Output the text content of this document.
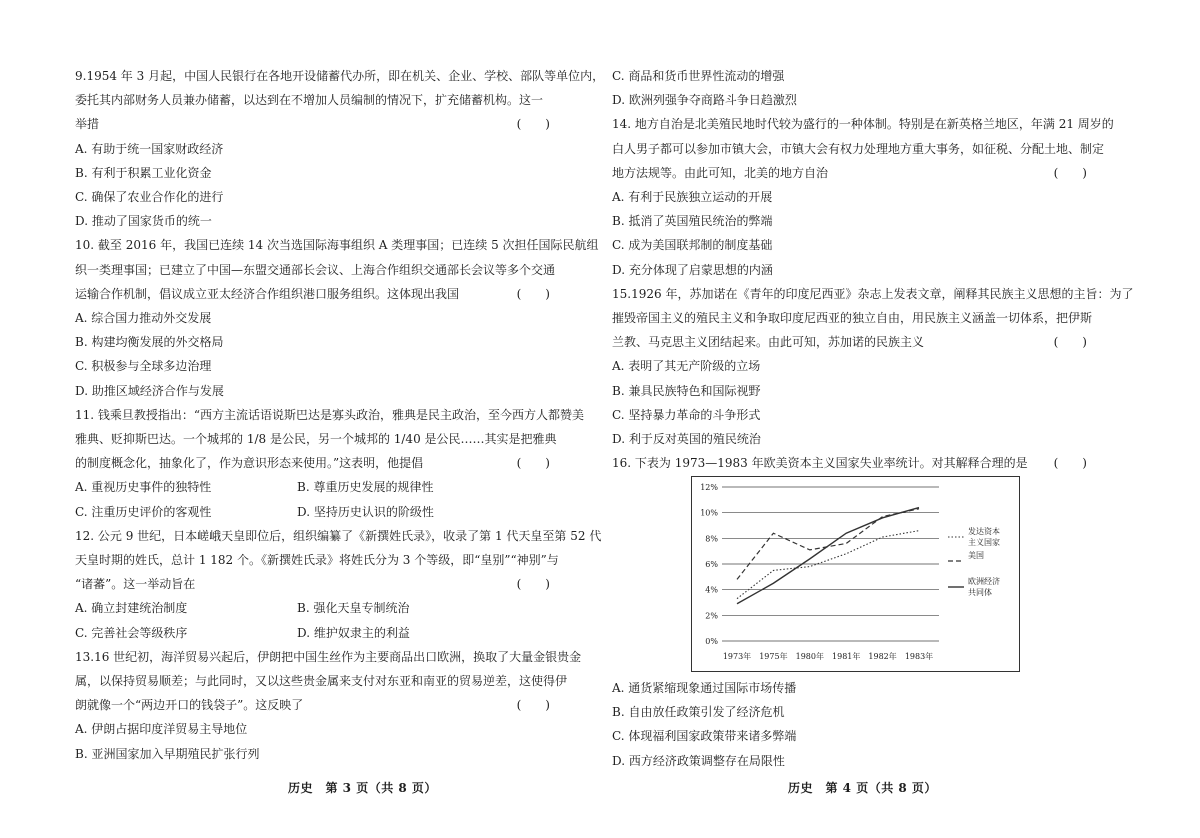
9.1954 年 3 月起，中国人民银行在各地开设储蓄代办所，即在机关、企业、学校、部队等单位内，
委托其内部财务人员兼办储蓄，以达到在不增加人员编制的情况下，扩充储蓄机构。这一
举措	(　　)
A. 有助于统一国家财政经济
B. 有利于积累工业化资金
C. 确保了农业合作化的进行
D. 推动了国家货币的统一
10. 截至 2016 年，我国已连续 14 次当选国际海事组织 A 类理事国；已连续 5 次担任国际民航组
织一类理事国；已建立了中国—东盟交通部长会议、上海合作组织交通部长会议等多个交通
运输合作机制，倡议成立亚太经济合作组织港口服务组织。这体现出我国	(　　)
A. 综合国力推动外交发展
B. 构建均衡发展的外交格局
C. 积极参与全球多边治理
D. 助推区域经济合作与发展
11. 钱乘旦教授指出：“西方主流话语说斯巴达是寡头政治，雅典是民主政治，至今西方人都赞美
雅典、贬抑斯巴达。一个城邦的 1/8 是公民，另一个城邦的 1/40 是公民……其实是把雅典
的制度概念化，抽象化了，作为意识形态来使用。”这表明，他提倡	(　　)
A. 重视历史事件的独特性	B. 尊重历史发展的规律性
C. 注重历史评价的客观性	D. 坚持历史认识的阶级性
12. 公元 9 世纪，日本嵯峨天皇即位后，组织编纂了《新撰姓氏录》，收录了第 1 代天皇至第 52 代
天皇时期的姓氏，总计 1 182 个。《新撰姓氏录》将姓氏分为 3 个等级，即“皇别”“神别”与
“诸蕃”。这一举动旨在	(　　)
A. 确立封建统治制度	B. 强化天皇专制统治
C. 完善社会等级秩序	D. 维护奴隶主的利益
13.16 世纪初，海洋贸易兴起后，伊朗把中国生丝作为主要商品出口欧洲，换取了大量金银贵金
属，以保持贸易顺差；与此同时，又以这些贵金属来支付对东亚和南亚的贸易逆差，这使得伊
朗就像一个“两边开口的钱袋子”。这反映了	(　　)
A. 伊朗占据印度洋贸易主导地位
B. 亚洲国家加入早期殖民扩张行列
C. 商品和货币世界性流动的增强
D. 欧洲列强争夺商路斗争日趋激烈
14. 地方自治是北美殖民地时代较为盛行的一种体制。特别是在新英格兰地区，年满 21 周岁的
白人男子都可以参加市镇大会，市镇大会有权力处理地方重大事务，如征税、分配土地、制定
地方法规等。由此可知，北美的地方自治	(　　)
A. 有利于民族独立运动的开展
B. 抵消了英国殖民统治的弊端
C. 成为美国联邦制的制度基础
D. 充分体现了启蒙思想的内涵
15.1926 年，苏加诺在《青年的印度尼西亚》杂志上发表文章，阐释其民族主义思想的主旨：为了
摧毁帝国主义的殖民主义和争取印度尼西亚的独立自由，用民族主义涵盖一切体系，把伊斯
兰教、马克思主义团结起来。由此可知，苏加诺的民族主义	(　　)
A. 表明了其无产阶级的立场
B. 兼具民族特色和国际视野
C. 坚持暴力革命的斗争形式
D. 利于反对英国的殖民统治
16. 下表为 1973—1983 年欧美资本主义国家失业率统计。对其解释合理的是	(　　)
12%
10%
8%
6%
4%
2%
0%
1973年 1975年 1980年 1981年 1982年 1983年
发达资本
主义国家
美国
欧洲经济
共同体
A. 通货紧缩现象通过国际市场传播
B. 自由放任政策引发了经济危机
C. 体现福利国家政策带来诸多弊端
D. 西方经济政策调整存在局限性
历史　第 3 页（共 8 页）	历史　第 4 页（共 8 页）
